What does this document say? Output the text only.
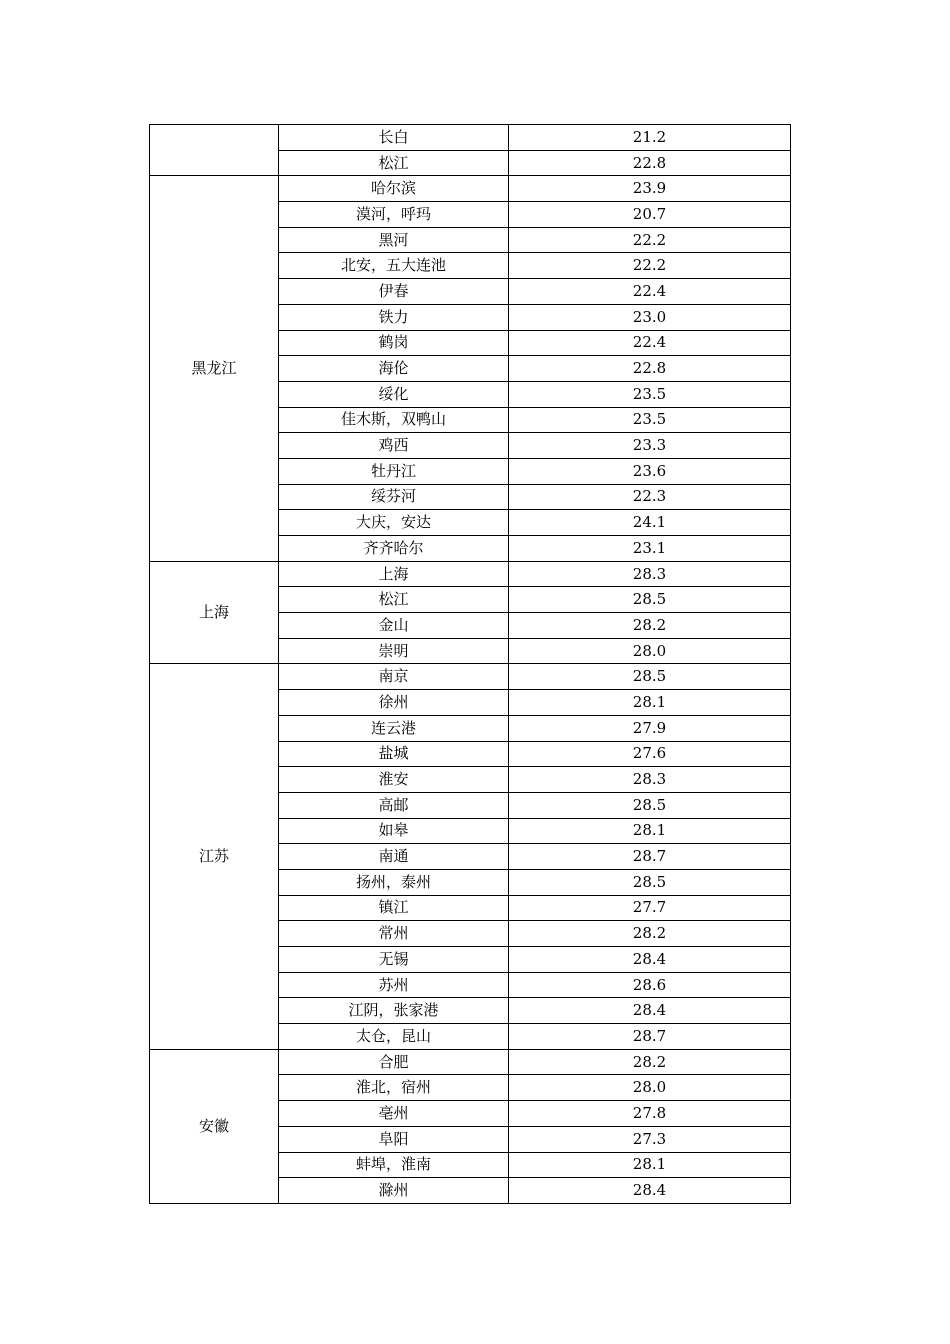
	长白	21.2
	松江	22.8
黑龙江	哈尔滨	23.9
	漠河，呼玛	20.7
	黑河	22.2
	北安，五大连池	22.2
	伊春	22.4
	铁力	23.0
	鹤岗	22.4
	海伦	22.8
	绥化	23.5
	佳木斯，双鸭山	23.5
	鸡西	23.3
	牡丹江	23.6
	绥芬河	22.3
	大庆，安达	24.1
	齐齐哈尔	23.1
上海	上海	28.3
	松江	28.5
	金山	28.2
	崇明	28.0
江苏	南京	28.5
	徐州	28.1
	连云港	27.9
	盐城	27.6
	淮安	28.3
	高邮	28.5
	如皋	28.1
	南通	28.7
	扬州，泰州	28.5
	镇江	27.7
	常州	28.2
	无锡	28.4
	苏州	28.6
	江阴，张家港	28.4
	太仓，昆山	28.7
安徽	合肥	28.2
	淮北，宿州	28.0
	亳州	27.8
	阜阳	27.3
	蚌埠，淮南	28.1
	滁州	28.4
